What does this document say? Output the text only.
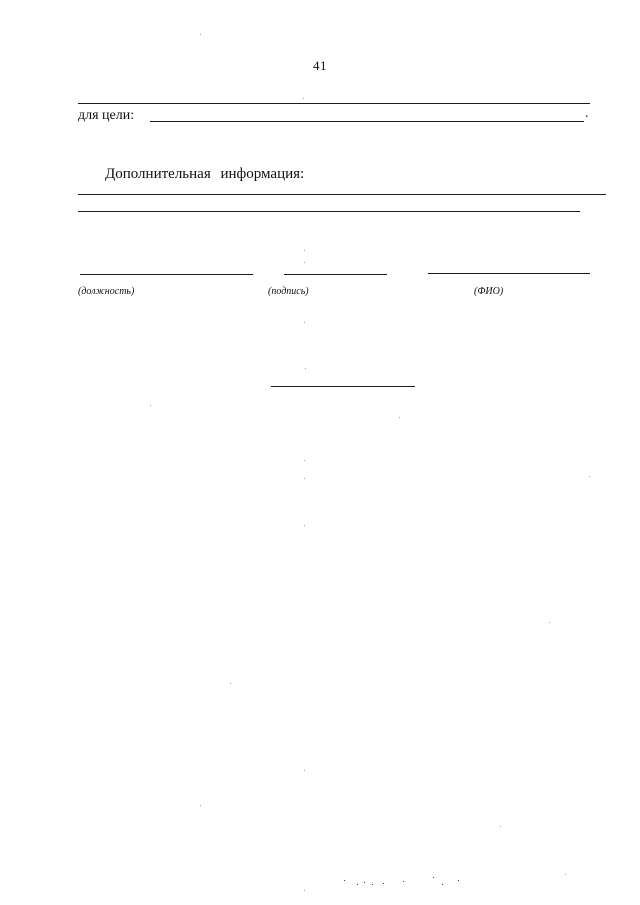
41
для цели:	.
Дополнительная информация:
(должность)	(подпись)	(ФИО)
